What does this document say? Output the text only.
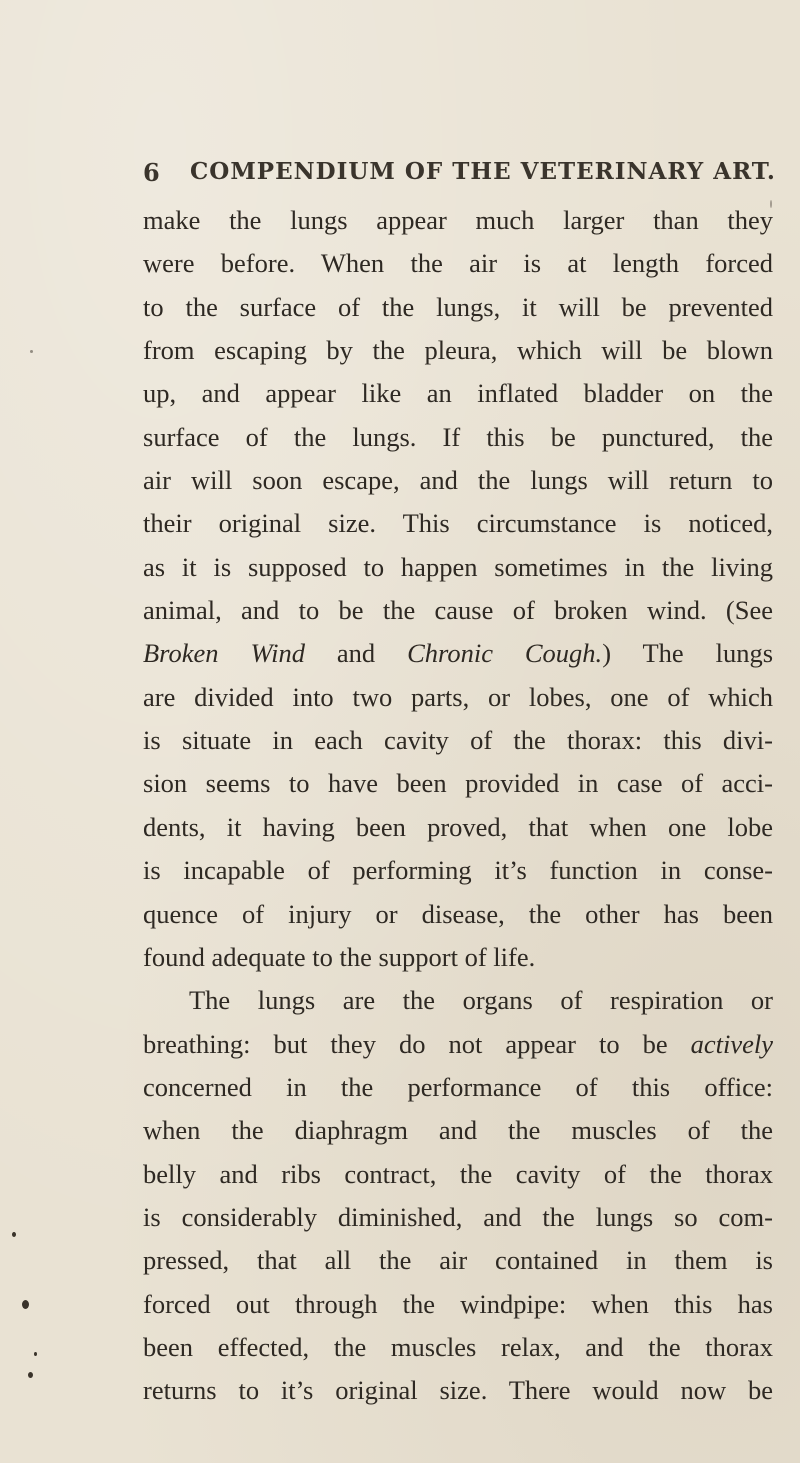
6 COMPENDIUM OF THE VETERINARY ART.
make the lungs appear much larger than they
were before. When the air is at length forced
to the surface of the lungs, it will be prevented
from escaping by the pleura, which will be blown
up, and appear like an inflated bladder on the
surface of the lungs. If this be punctured, the
air will soon escape, and the lungs will return to
their original size. This circumstance is noticed,
as it is supposed to happen sometimes in the living
animal, and to be the cause of broken wind. (See
Broken Wind and Chronic Cough.) The lungs
are divided into two parts, or lobes, one of which
is situate in each cavity of the thorax: this divi-
sion seems to have been provided in case of acci-
dents, it having been proved, that when one lobe
is incapable of performing it’s function in conse-
quence of injury or disease, the other has been
found adequate to the support of life.
The lungs are the organs of respiration or
breathing: but they do not appear to be actively
concerned in the performance of this office:
when the diaphragm and the muscles of the
belly and ribs contract, the cavity of the thorax
is considerably diminished, and the lungs so com-
pressed, that all the air contained in them is
forced out through the windpipe: when this has
been effected, the muscles relax, and the thorax
returns to it’s original size. There would now be
